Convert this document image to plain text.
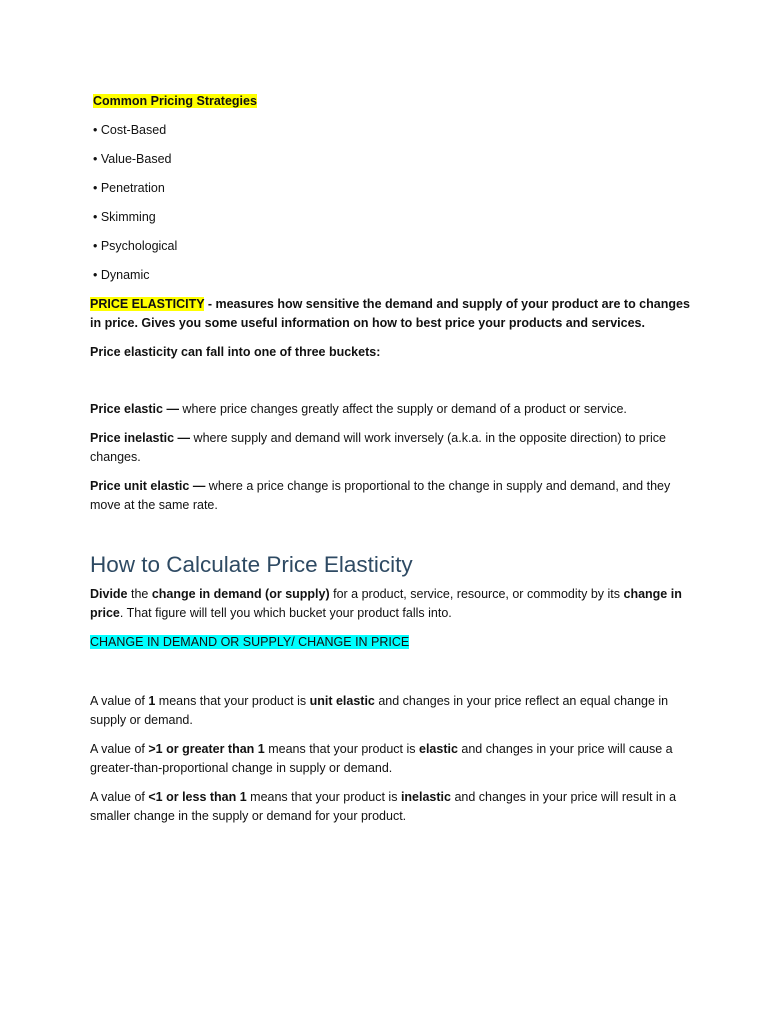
Common Pricing Strategies
• Cost-Based
• Value-Based
• Penetration
• Skimming
• Psychological
• Dynamic

PRICE ELASTICITY - measures how sensitive the demand and supply of your product are to changes in price. Gives you some useful information on how to best price your products and services.

Price elasticity can fall into one of three buckets:

Price elastic — where price changes greatly affect the supply or demand of a product or service.

Price inelastic — where supply and demand will work inversely (a.k.a. in the opposite direction) to price changes.

Price unit elastic — where a price change is proportional to the change in supply and demand, and they move at the same rate.

How to Calculate Price Elasticity

Divide the change in demand (or supply) for a product, service, resource, or commodity by its change in price. That figure will tell you which bucket your product falls into.

CHANGE IN DEMAND OR SUPPLY/ CHANGE IN PRICE

A value of 1 means that your product is unit elastic and changes in your price reflect an equal change in supply or demand.

A value of >1 or greater than 1 means that your product is elastic and changes in your price will cause a greater-than-proportional change in supply or demand.

A value of <1 or less than 1 means that your product is inelastic and changes in your price will result in a smaller change in the supply or demand for your product.
